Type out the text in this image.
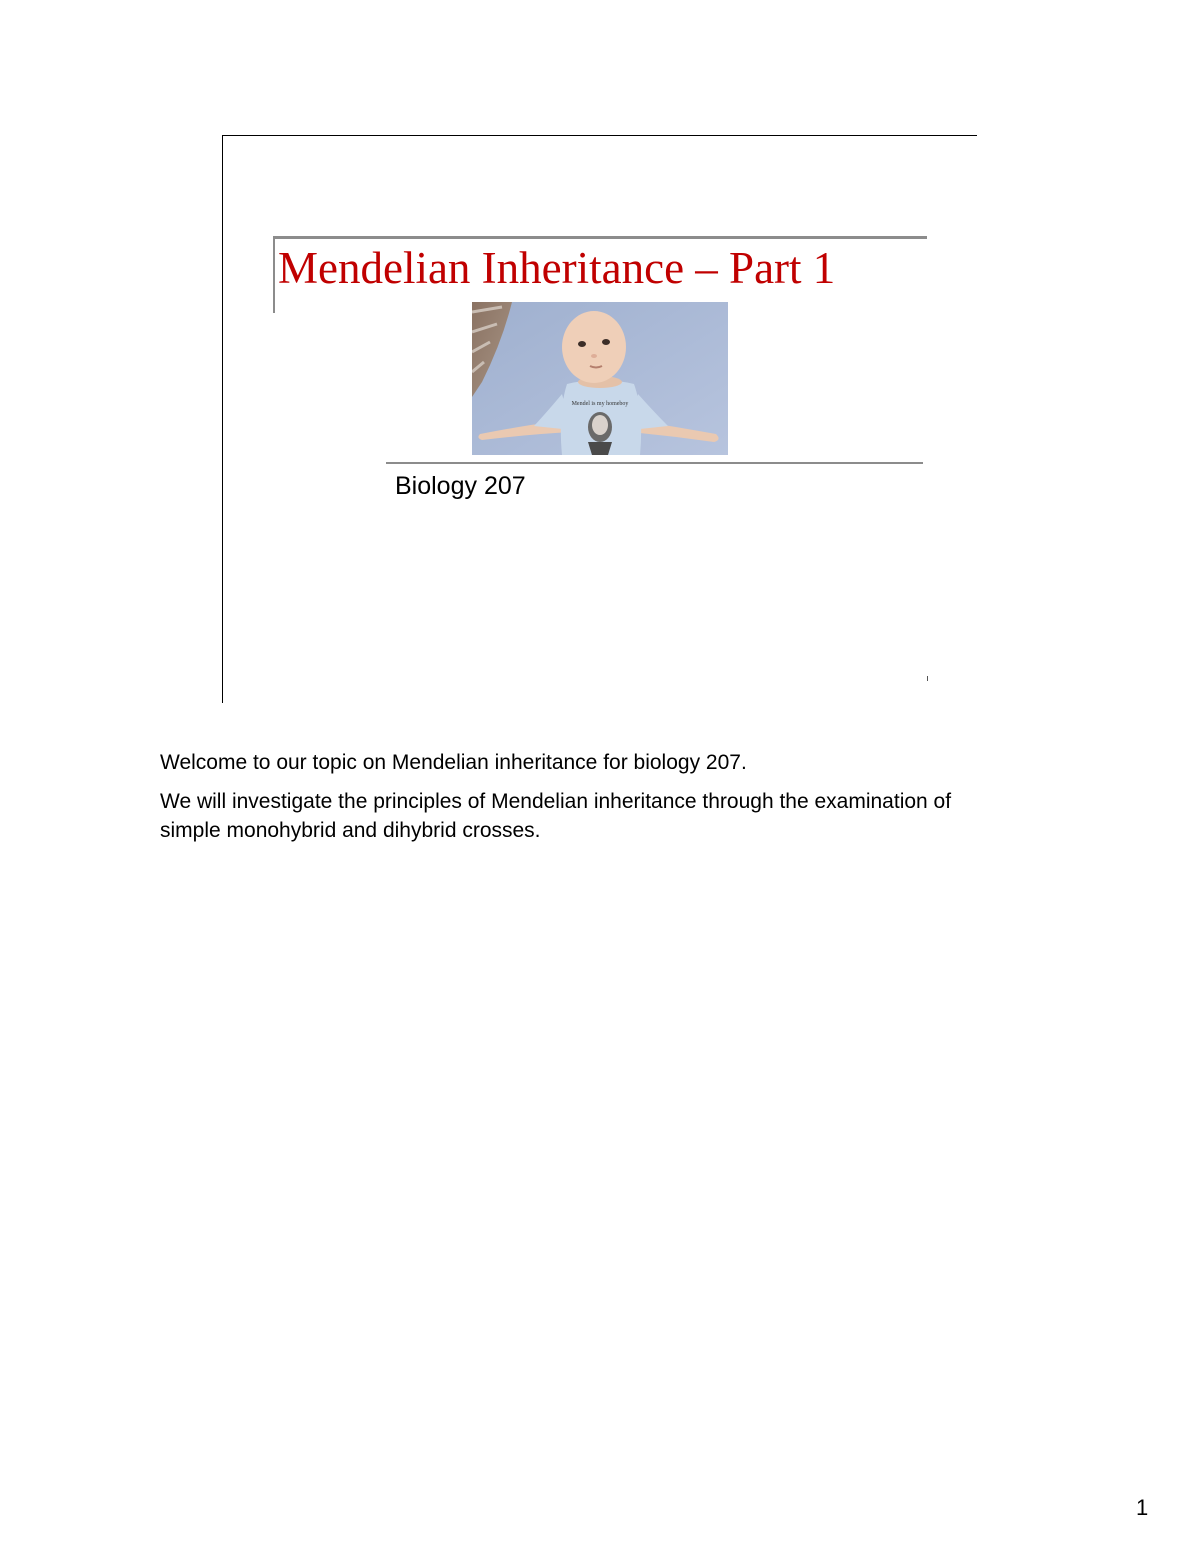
Mendelian Inheritance – Part 1
Mendel is my homeboy
Biology 207

Welcome to our topic on Mendelian inheritance for biology 207.

We will investigate the principles of Mendelian inheritance through the examination of simple monohybrid and dihybrid crosses.

1
